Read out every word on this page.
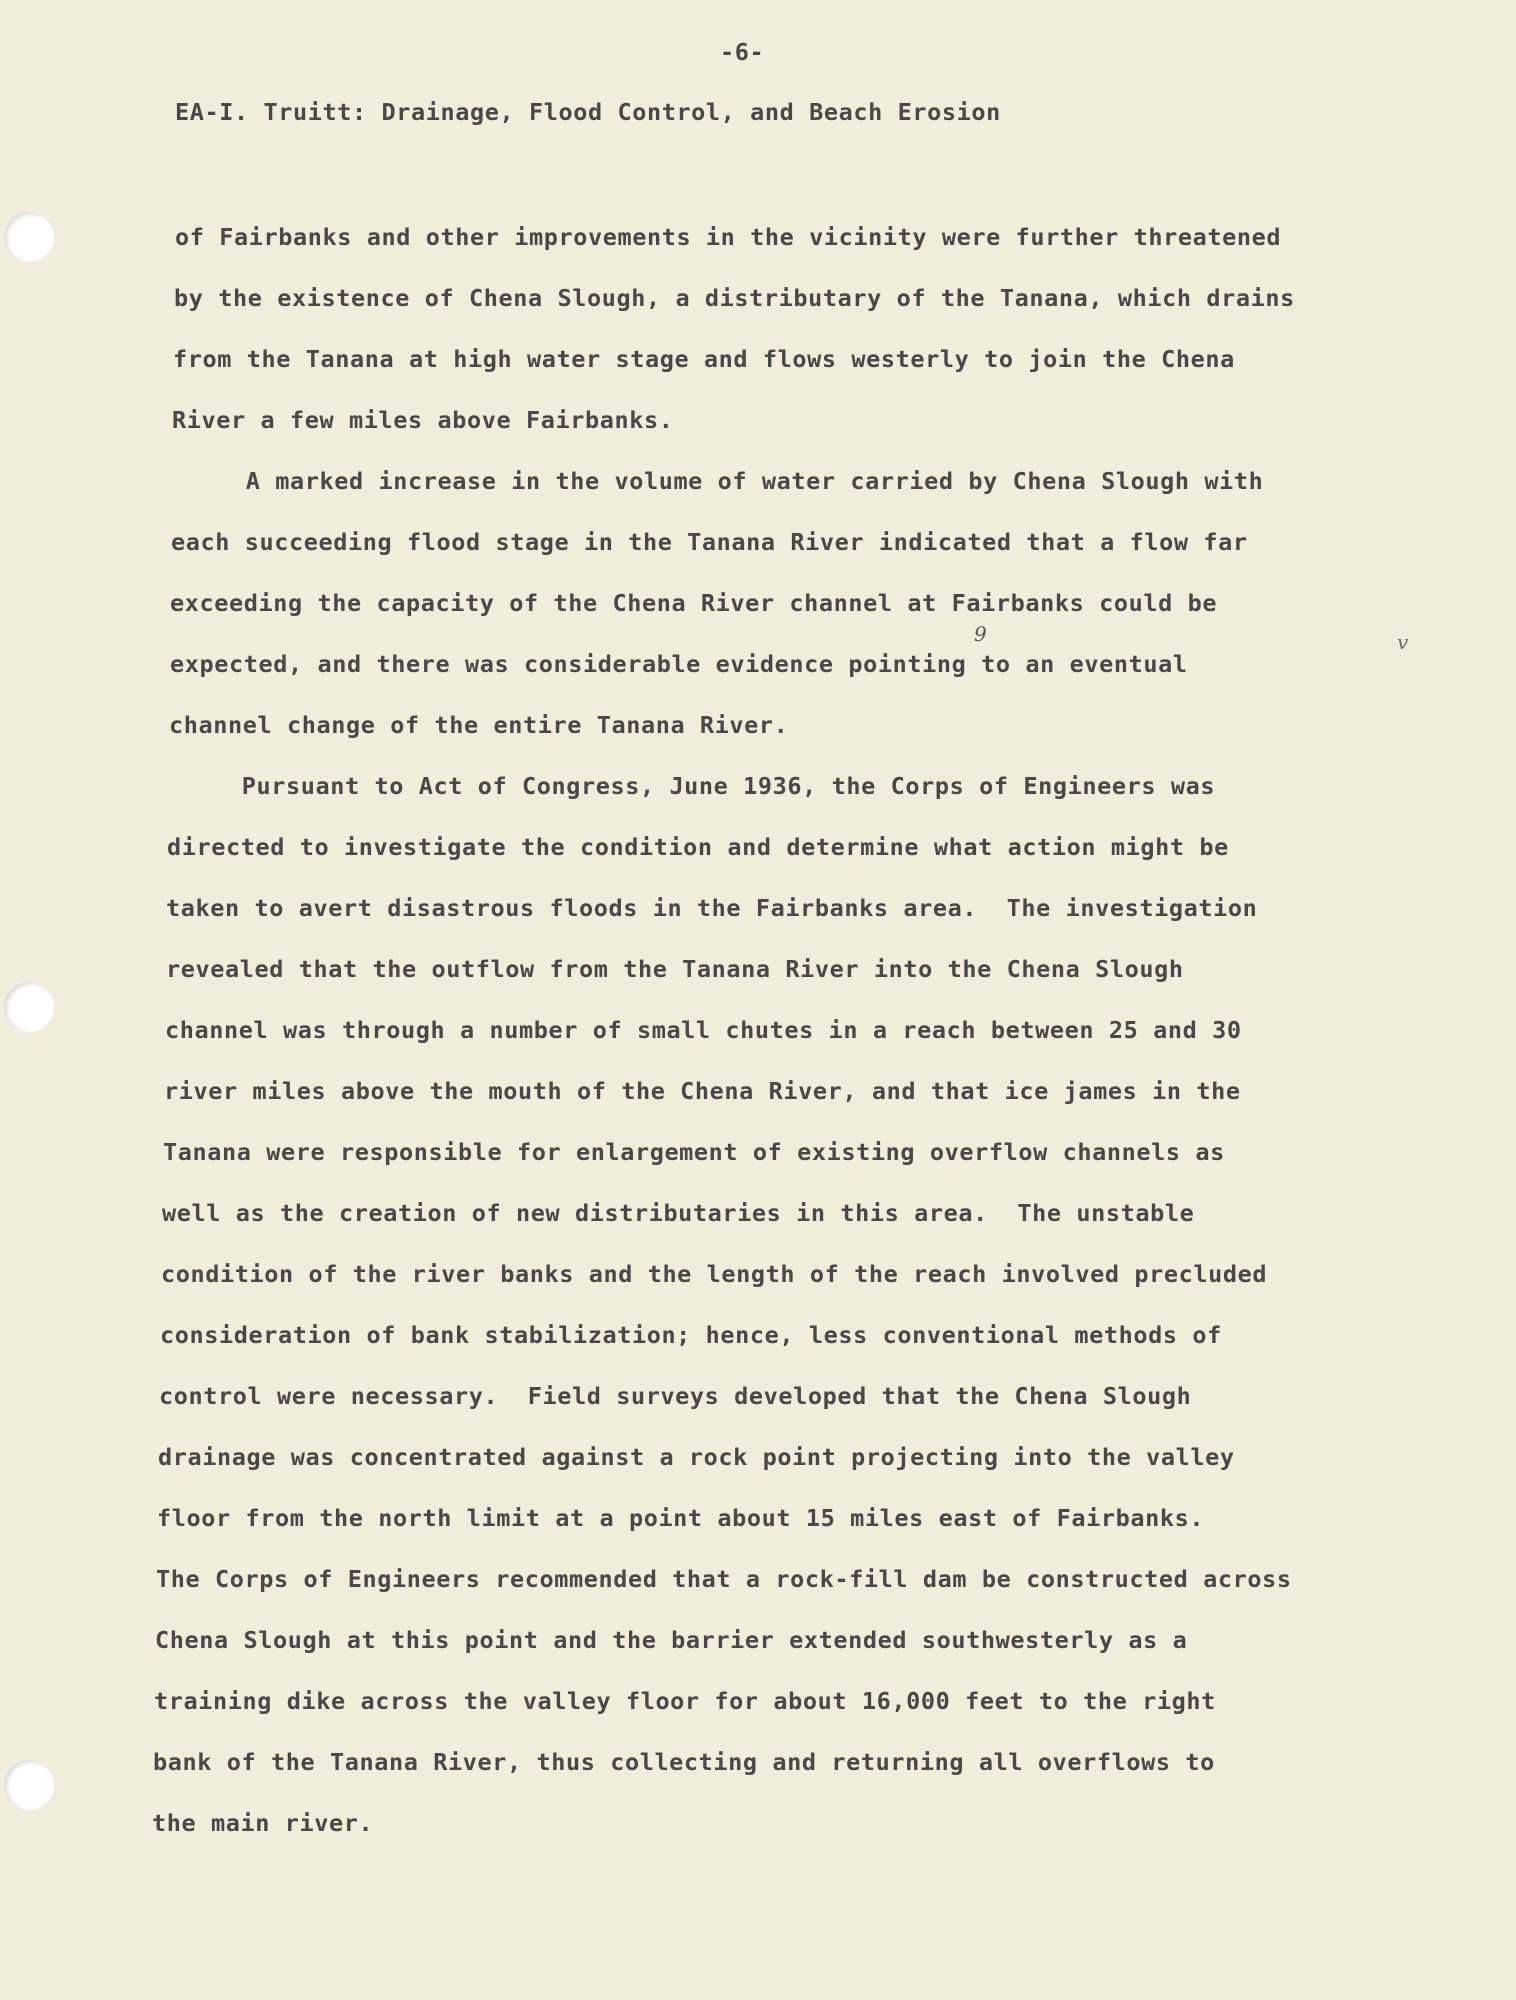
-6-
EA-I. Truitt: Drainage, Flood Control, and Beach Erosion
of Fairbanks and other improvements in the vicinity were further threatened
by the existence of Chena Slough, a distributary of the Tanana, which drains
from the Tanana at high water stage and flows westerly to join the Chena
River a few miles above Fairbanks.
A marked increase in the volume of water carried by Chena Slough with
each succeeding flood stage in the Tanana River indicated that a flow far
exceeding the capacity of the Chena River channel at Fairbanks could be
expected, and there was considerable evidence pointing to an eventual
channel change of the entire Tanana River.
Pursuant to Act of Congress, June 1936, the Corps of Engineers was
directed to investigate the condition and determine what action might be
taken to avert disastrous floods in the Fairbanks area.  The investigation
revealed that the outflow from the Tanana River into the Chena Slough
channel was through a number of small chutes in a reach between 25 and 30
river miles above the mouth of the Chena River, and that ice james in the
Tanana were responsible for enlargement of existing overflow channels as
well as the creation of new distributaries in this area.  The unstable
condition of the river banks and the length of the reach involved precluded
consideration of bank stabilization; hence, less conventional methods of
control were necessary.  Field surveys developed that the Chena Slough
drainage was concentrated against a rock point projecting into the valley
floor from the north limit at a point about 15 miles east of Fairbanks.
The Corps of Engineers recommended that a rock-fill dam be constructed across
Chena Slough at this point and the barrier extended southwesterly as a
training dike across the valley floor for about 16,000 feet to the right
bank of the Tanana River, thus collecting and returning all overflows to
the main river.
9	v
